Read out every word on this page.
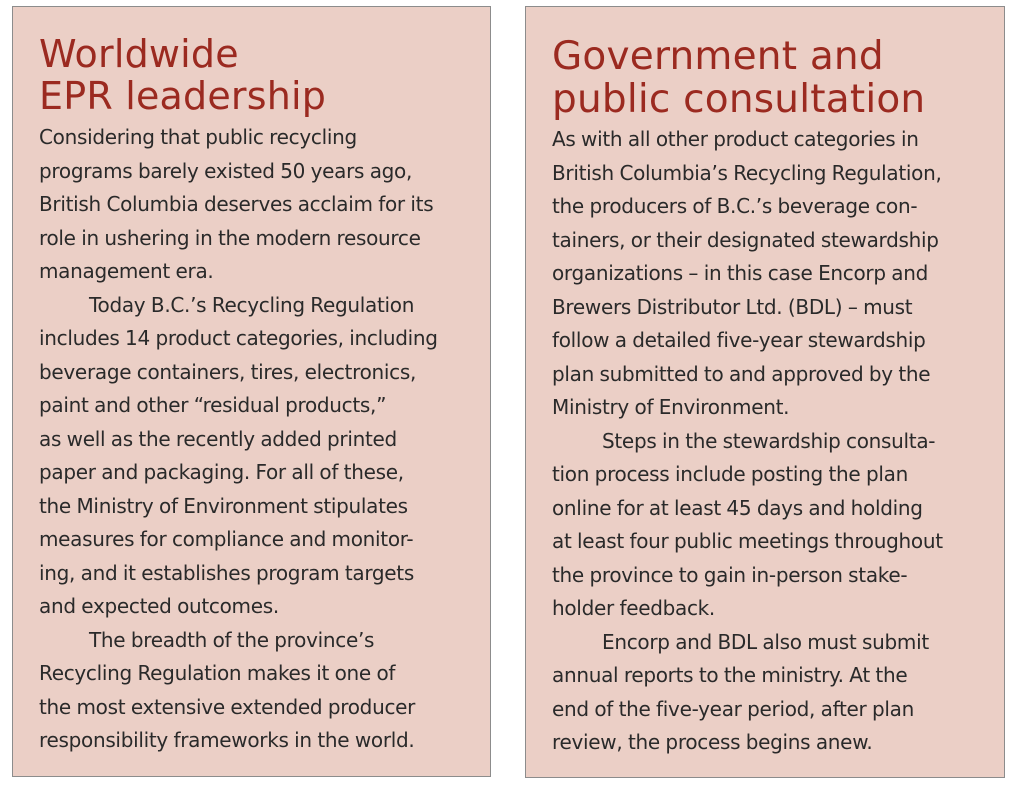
Worldwide
EPR leadership

Considering that public recycling
programs barely existed 50 years ago,
British Columbia deserves acclaim for its
role in ushering in the modern resource
management era.

Today B.C.’s Recycling Regulation
includes 14 product categories, including
beverage containers, tires, electronics,
paint and other “residual products,”
as well as the recently added printed
paper and packaging. For all of these,
the Ministry of Environment stipulates
measures for compliance and monitor-
ing, and it establishes program targets
and expected outcomes.

The breadth of the province’s
Recycling Regulation makes it one of
the most extensive extended producer
responsibility frameworks in the world.

Government and
public consultation

As with all other product categories in
British Columbia’s Recycling Regulation,
the producers of B.C.’s beverage con-
tainers, or their designated stewardship
organizations – in this case Encorp and
Brewers Distributor Ltd. (BDL) – must
follow a detailed five-year stewardship
plan submitted to and approved by the
Ministry of Environment.

Steps in the stewardship consulta-
tion process include posting the plan
online for at least 45 days and holding
at least four public meetings throughout
the province to gain in-person stake-
holder feedback.

Encorp and BDL also must submit
annual reports to the ministry. At the
end of the five-year period, after plan
review, the process begins anew.
